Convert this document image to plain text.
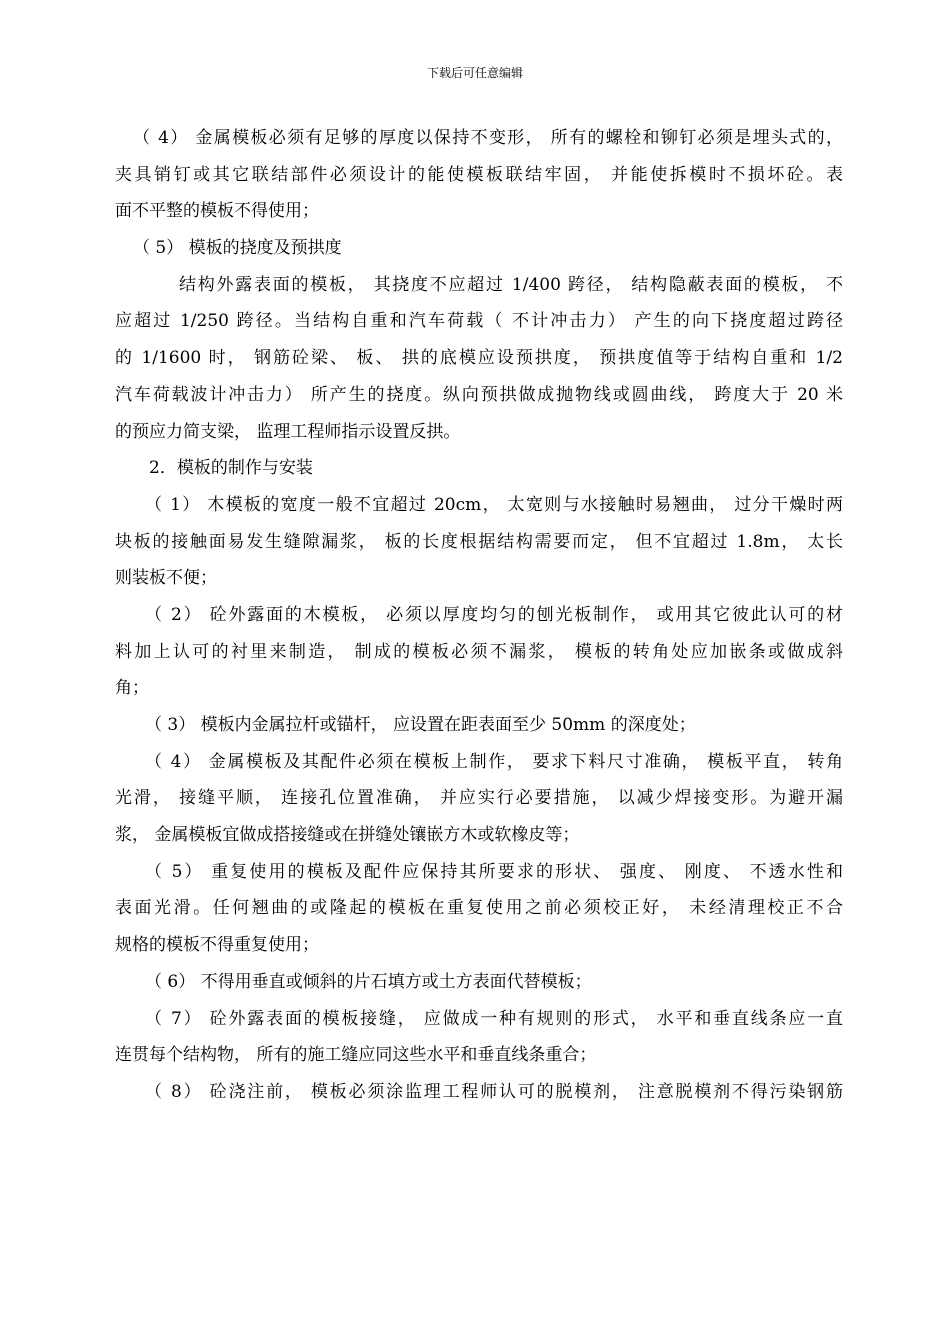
下载后可任意编辑
（ 4） 金属模板必须有足够的厚度以保持不变形， 所有的螺栓和铆钉必须是埋头式的，
夹具销钉或其它联结部件必须设计的能使模板联结牢固， 并能使拆模时不损坏砼。表
面不平整的模板不得使用；
（ 5） 模板的挠度及预拱度
结构外露表面的模板， 其挠度不应超过 1/400 跨径， 结构隐蔽表面的模板， 不
应超过 1/250 跨径。当结构自重和汽车荷载（ 不计冲击力） 产生的向下挠度超过跨径
的 1/1600 时， 钢筋砼梁、 板、 拱的底模应设预拱度， 预拱度值等于结构自重和 1/2
汽车荷载波计冲击力） 所产生的挠度。纵向预拱做成抛物线或圆曲线， 跨度大于 20 米
的预应力简支梁， 监理工程师指示设置反拱。
2．模板的制作与安装
（ 1） 木模板的宽度一般不宜超过 20cm， 太宽则与水接触时易翘曲， 过分干燥时两
块板的接触面易发生缝隙漏浆， 板的长度根据结构需要而定， 但不宜超过 1.8m， 太长
则装板不便；
（ 2） 砼外露面的木模板， 必须以厚度均匀的刨光板制作， 或用其它彼此认可的材
料加上认可的衬里来制造， 制成的模板必须不漏浆， 模板的转角处应加嵌条或做成斜
角；
（ 3） 模板内金属拉杆或锚杆， 应设置在距表面至少 50mm 的深度处；
（ 4） 金属模板及其配件必须在模板上制作， 要求下料尺寸准确， 模板平直， 转角
光滑， 接缝平顺， 连接孔位置准确， 并应实行必要措施， 以减少焊接变形。为避开漏
浆， 金属模板宜做成搭接缝或在拼缝处镶嵌方木或软橡皮等；
（ 5） 重复使用的模板及配件应保持其所要求的形状、 强度、 刚度、 不透水性和
表面光滑。任何翘曲的或隆起的模板在重复使用之前必须校正好， 未经清理校正不合
规格的模板不得重复使用；
（ 6） 不得用垂直或倾斜的片石填方或土方表面代替模板；
（ 7） 砼外露表面的模板接缝， 应做成一种有规则的形式， 水平和垂直线条应一直
连贯每个结构物， 所有的施工缝应同这些水平和垂直线条重合；
（ 8） 砼浇注前， 模板必须涂监理工程师认可的脱模剂， 注意脱模剂不得污染钢筋
